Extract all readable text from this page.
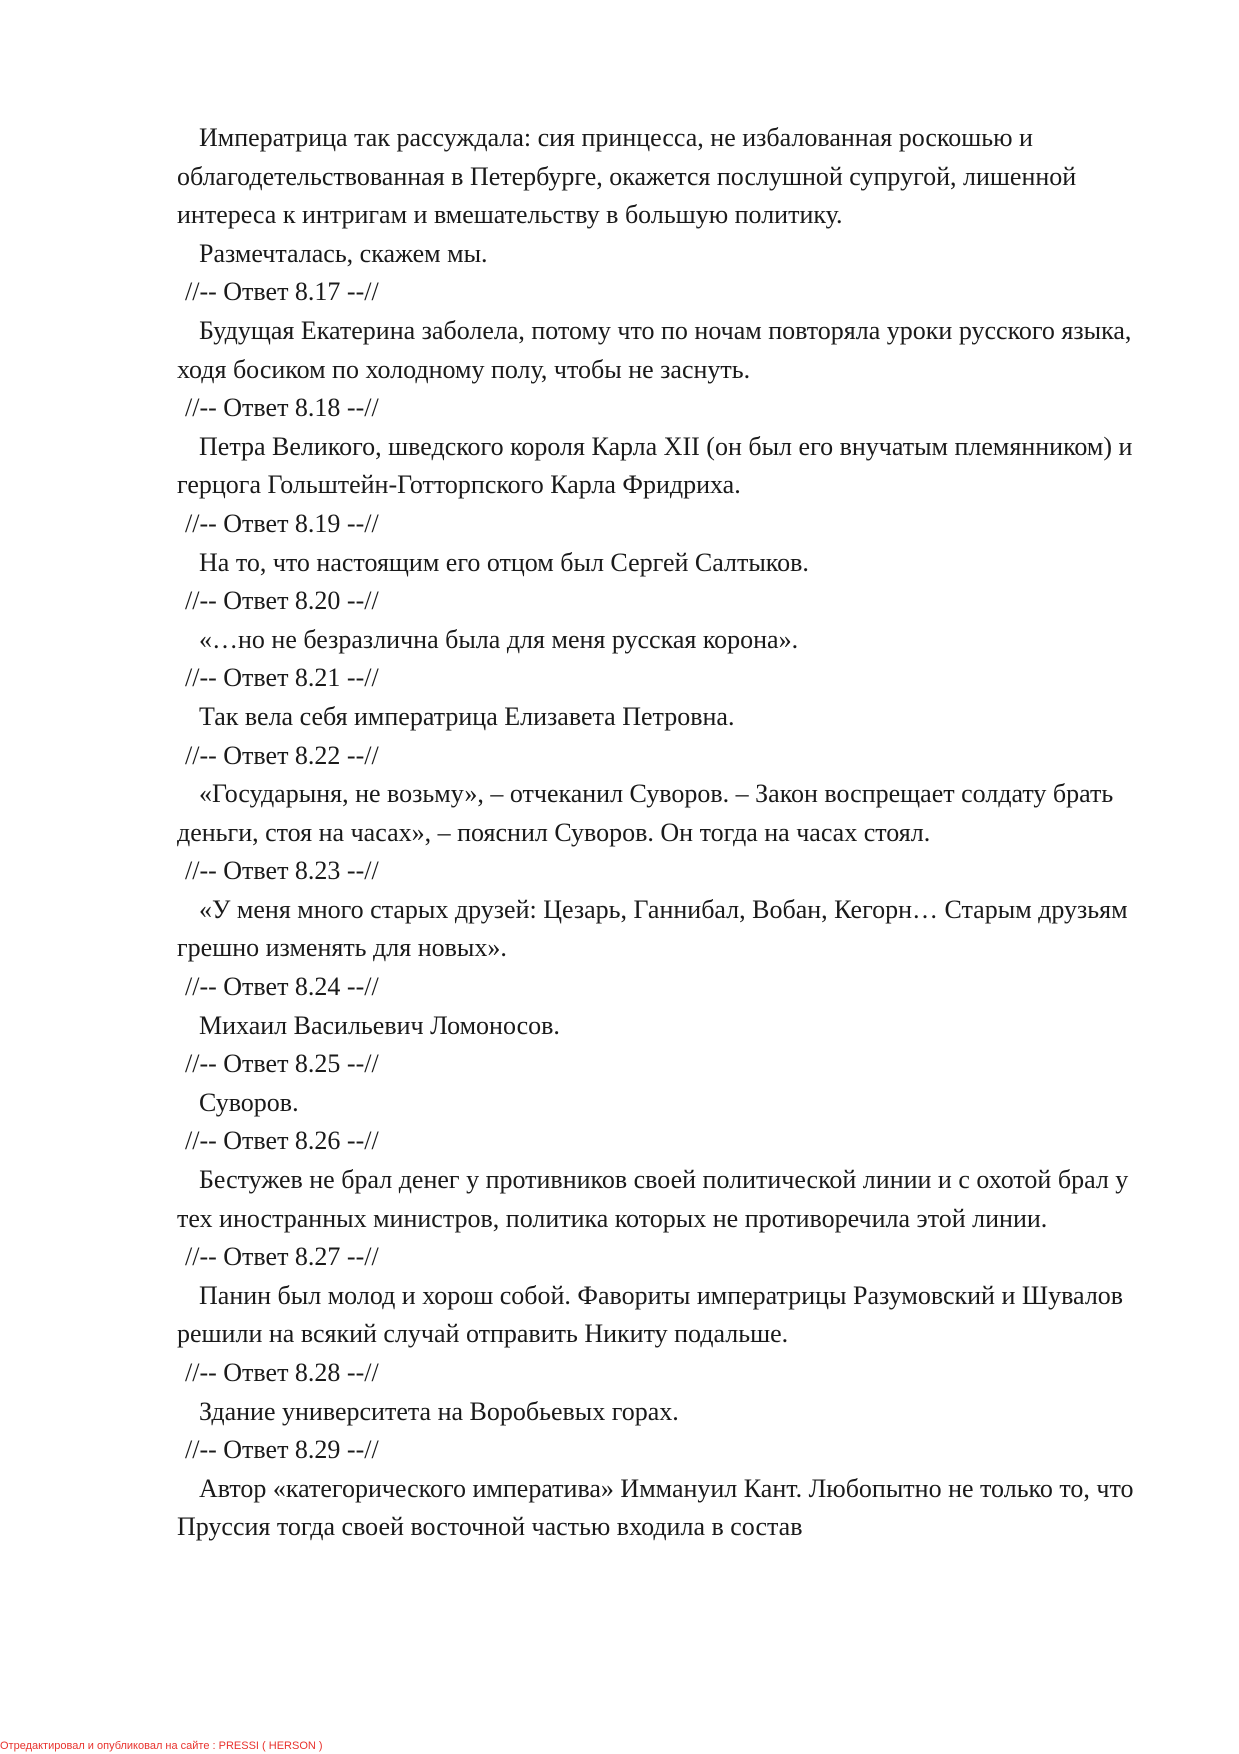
Императрица так рассуждала: сия принцесса, не избалованная роскошью и облагодетельствованная в Петербурге, окажется послушной супругой, лишенной интереса к интригам и вмешательству в большую политику.

Размечталась, скажем мы.

//-- Ответ 8.17 --//

Будущая Екатерина заболела, потому что по ночам повторяла уроки русского языка, ходя босиком по холодному полу, чтобы не заснуть.

//-- Ответ 8.18 --//

Петра Великого, шведского короля Карла XII (он был его внучатым племянником) и герцога Гольштейн-Готторпского Карла Фридриха.

//-- Ответ 8.19 --//

На то, что настоящим его отцом был Сергей Салтыков.

//-- Ответ 8.20 --//

«…но не безразлична была для меня русская корона».

//-- Ответ 8.21 --//

Так вела себя императрица Елизавета Петровна.

//-- Ответ 8.22 --//

«Государыня, не возьму», – отчеканил Суворов. – Закон воспрещает солдату брать деньги, стоя на часах», – пояснил Суворов. Он тогда на часах стоял.

//-- Ответ 8.23 --//

«У меня много старых друзей: Цезарь, Ганнибал, Вобан, Кегорн… Старым друзьям грешно изменять для новых».

//-- Ответ 8.24 --//

Михаил Васильевич Ломоносов.

//-- Ответ 8.25 --//

Суворов.

//-- Ответ 8.26 --//

Бестужев не брал денег у противников своей политической линии и с охотой брал у тех иностранных министров, политика которых не противоречила этой линии.

//-- Ответ 8.27 --//

Панин был молод и хорош собой. Фавориты императрицы Разумовский и Шувалов решили на всякий случай отправить Никиту подальше.

//-- Ответ 8.28 --//

Здание университета на Воробьевых горах.

//-- Ответ 8.29 --//

Автор «категорического императива» Иммануил Кант. Любопытно не только то, что Пруссия тогда своей восточной частью входила в состав

Отредактировал и опубликовал на сайте : PRESSI ( HERSON )
